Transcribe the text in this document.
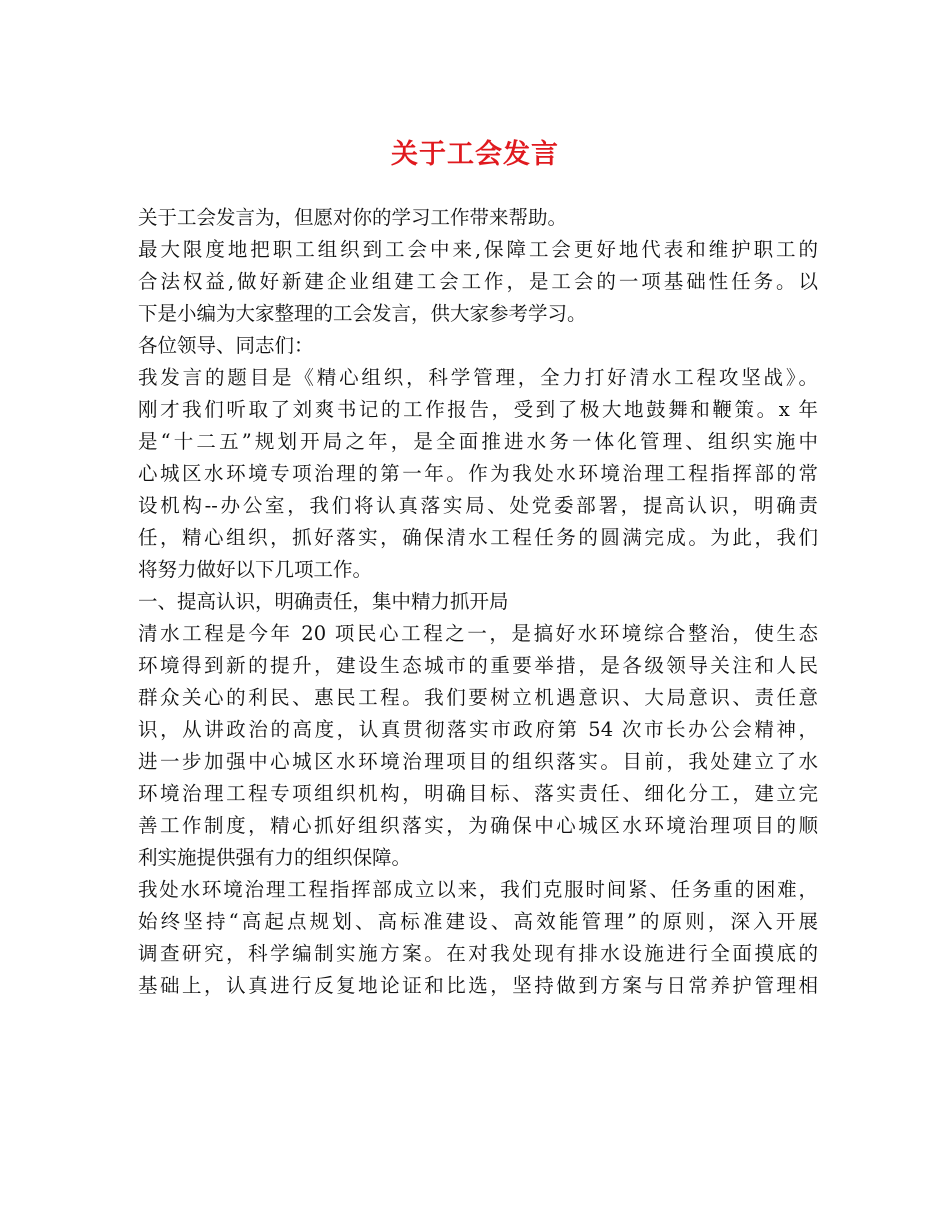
关于工会发言
关于工会发言为，但愿对你的学习工作带来帮助。
最大限度地把职工组织到工会中来,保障工会更好地代表和维护职工的
合法权益,做好新建企业组建工会工作，是工会的一项基础性任务。以
下是小编为大家整理的工会发言，供大家参考学习。
各位领导、同志们：
我发言的题目是《精心组织，科学管理，全力打好清水工程攻坚战》。
刚才我们听取了刘爽书记的工作报告，受到了极大地鼓舞和鞭策。x 年
是“十二五”规划开局之年，是全面推进水务一体化管理、组织实施中
心城区水环境专项治理的第一年。作为我处水环境治理工程指挥部的常
设机构--办公室，我们将认真落实局、处党委部署，提高认识，明确责
任，精心组织，抓好落实，确保清水工程任务的圆满完成。为此，我们
将努力做好以下几项工作。
一、提高认识，明确责任，集中精力抓开局
清水工程是今年 20 项民心工程之一，是搞好水环境综合整治，使生态
环境得到新的提升，建设生态城市的重要举措，是各级领导关注和人民
群众关心的利民、惠民工程。我们要树立机遇意识、大局意识、责任意
识，从讲政治的高度，认真贯彻落实市政府第 54 次市长办公会精神，
进一步加强中心城区水环境治理项目的组织落实。目前，我处建立了水
环境治理工程专项组织机构，明确目标、落实责任、细化分工，建立完
善工作制度，精心抓好组织落实，为确保中心城区水环境治理项目的顺
利实施提供强有力的组织保障。
我处水环境治理工程指挥部成立以来，我们克服时间紧、任务重的困难，
始终坚持“高起点规划、高标准建设、高效能管理”的原则，深入开展
调查研究，科学编制实施方案。在对我处现有排水设施进行全面摸底的
基础上，认真进行反复地论证和比选，坚持做到方案与日常养护管理相
